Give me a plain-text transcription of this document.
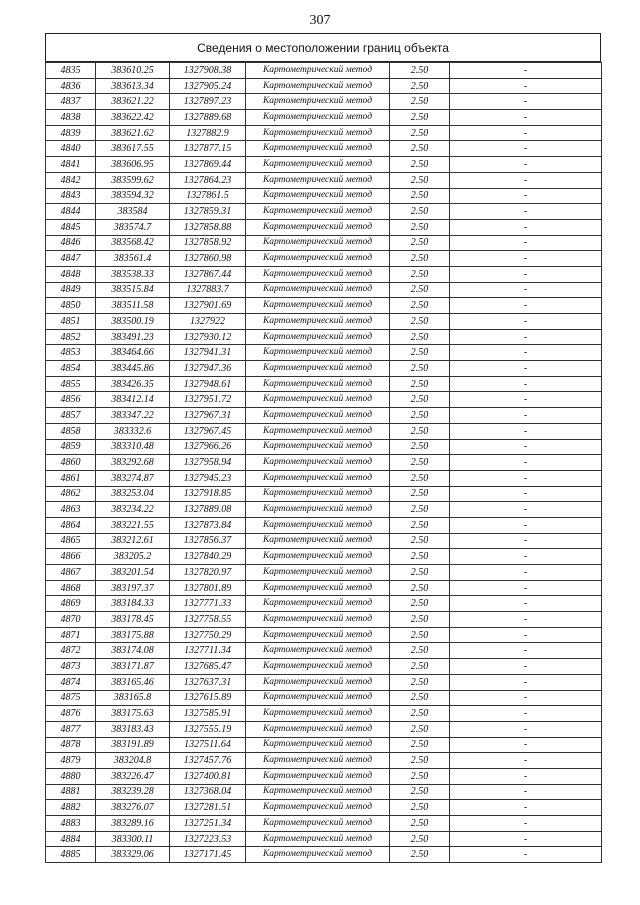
307
Сведения о местоположении границ объекта
4835	383610.25	1327908.38	Картометрический метод	2.50	-
4836	383613.34	1327905.24	Картометрический метод	2.50	-
4837	383621.22	1327897.23	Картометрический метод	2.50	-
4838	383622.42	1327889.68	Картометрический метод	2.50	-
4839	383621.62	1327882.9	Картометрический метод	2.50	-
4840	383617.55	1327877.15	Картометрический метод	2.50	-
4841	383606.95	1327869.44	Картометрический метод	2.50	-
4842	383599.62	1327864.23	Картометрический метод	2.50	-
4843	383594.32	1327861.5	Картометрический метод	2.50	-
4844	383584	1327859.31	Картометрический метод	2.50	-
4845	383574.7	1327858.88	Картометрический метод	2.50	-
4846	383568.42	1327858.92	Картометрический метод	2.50	-
4847	383561.4	1327860.98	Картометрический метод	2.50	-
4848	383538.33	1327867.44	Картометрический метод	2.50	-
4849	383515.84	1327883.7	Картометрический метод	2.50	-
4850	383511.58	1327901.69	Картометрический метод	2.50	-
4851	383500.19	1327922	Картометрический метод	2.50	-
4852	383491.23	1327930.12	Картометрический метод	2.50	-
4853	383464.66	1327941.31	Картометрический метод	2.50	-
4854	383445.86	1327947.36	Картометрический метод	2.50	-
4855	383426.35	1327948.61	Картометрический метод	2.50	-
4856	383412.14	1327951.72	Картометрический метод	2.50	-
4857	383347.22	1327967.31	Картометрический метод	2.50	-
4858	383332.6	1327967.45	Картометрический метод	2.50	-
4859	383310.48	1327966.26	Картометрический метод	2.50	-
4860	383292.68	1327958.94	Картометрический метод	2.50	-
4861	383274.87	1327945.23	Картометрический метод	2.50	-
4862	383253.04	1327918.85	Картометрический метод	2.50	-
4863	383234.22	1327889.08	Картометрический метод	2.50	-
4864	383221.55	1327873.84	Картометрический метод	2.50	-
4865	383212.61	1327856.37	Картометрический метод	2.50	-
4866	383205.2	1327840.29	Картометрический метод	2.50	-
4867	383201.54	1327820.97	Картометрический метод	2.50	-
4868	383197.37	1327801.89	Картометрический метод	2.50	-
4869	383184.33	1327771.33	Картометрический метод	2.50	-
4870	383178.45	1327758.55	Картометрический метод	2.50	-
4871	383175.88	1327750.29	Картометрический метод	2.50	-
4872	383174.08	1327711.34	Картометрический метод	2.50	-
4873	383171.87	1327685.47	Картометрический метод	2.50	-
4874	383165.46	1327637.31	Картометрический метод	2.50	-
4875	383165.8	1327615.89	Картометрический метод	2.50	-
4876	383175.63	1327585.91	Картометрический метод	2.50	-
4877	383183.43	1327555.19	Картометрический метод	2.50	-
4878	383191.89	1327511.64	Картометрический метод	2.50	-
4879	383204.8	1327457.76	Картометрический метод	2.50	-
4880	383226.47	1327400.81	Картометрический метод	2.50	-
4881	383239.28	1327368.04	Картометрический метод	2.50	-
4882	383276.07	1327281.51	Картометрический метод	2.50	-
4883	383289.16	1327251.34	Картометрический метод	2.50	-
4884	383300.11	1327223.53	Картометрический метод	2.50	-
4885	383329.06	1327171.45	Картометрический метод	2.50	-
